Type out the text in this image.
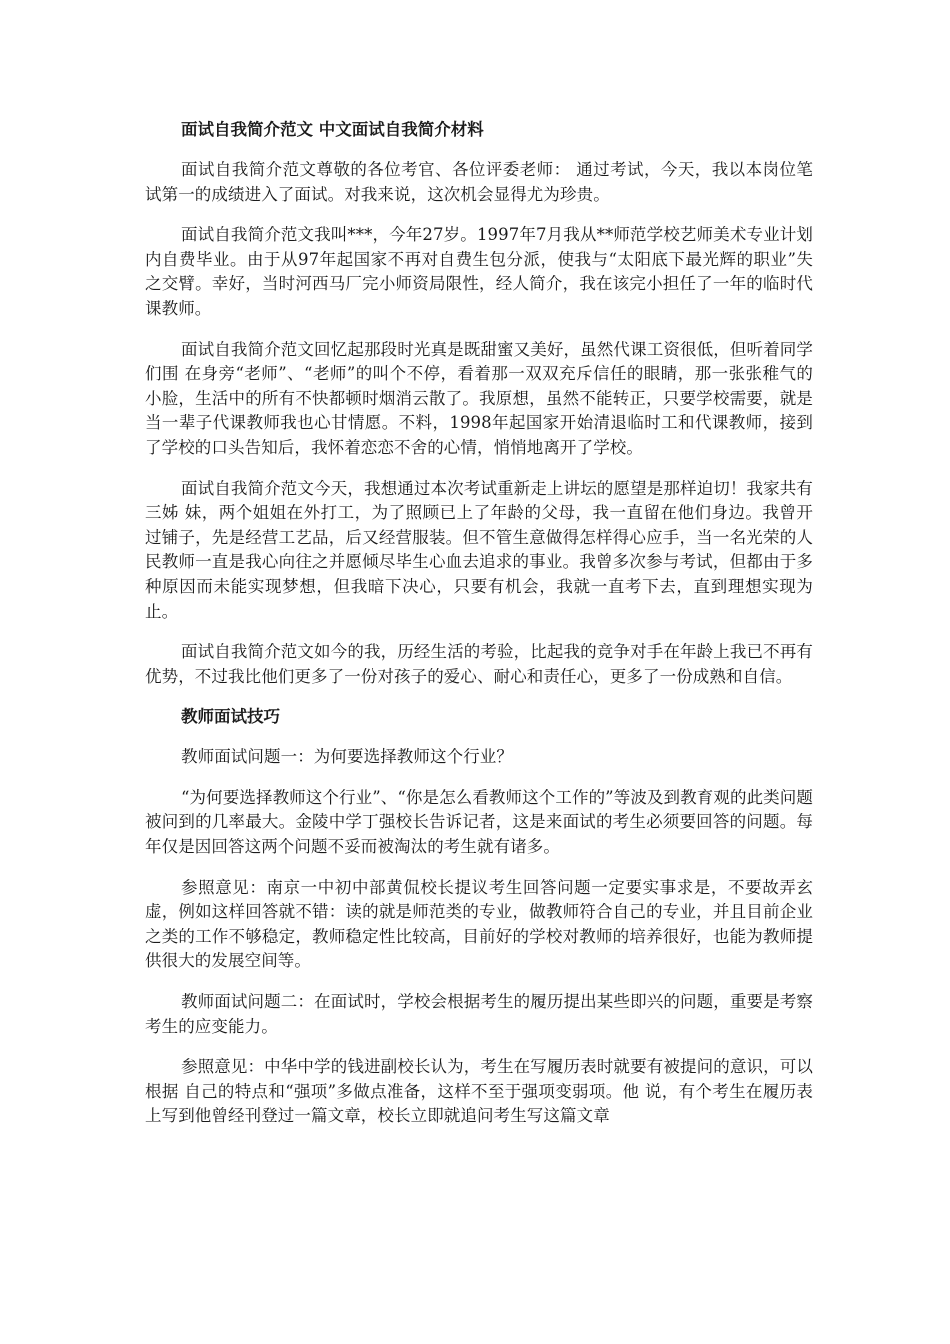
面试自我简介范文 中文面试自我简介材料

面试自我简介范文尊敬的各位考官、各位评委老师： 通过考试，今天，我以本岗位笔试第一的成绩进入了面试。对我来说，这次机会显得尤为珍贵。

面试自我简介范文我叫***，今年27岁。1997年7月我从**师范学校艺师美术专业计划内自费毕业。由于从97年起国家不再对自费生包分派，使我与“太阳底下最光辉的职业”失之交臂。幸好，当时河西马厂完小师资局限性，经人简介，我在该完小担任了一年的临时代课教师。

面试自我简介范文回忆起那段时光真是既甜蜜又美好，虽然代课工资很低，但听着同学们围 在身旁“老师”、“老师”的叫个不停，看着那一双双充斥信任的眼睛，那一张张稚气的小脸，生活中的所有不快都顿时烟消云散了。我原想，虽然不能转正，只要学校需要，就是当一辈子代课教师我也心甘情愿。不料，1998年起国家开始清退临时工和代课教师，接到了学校的口头告知后，我怀着恋恋不舍的心情，悄悄地离开了学校。

面试自我简介范文今天，我想通过本次考试重新走上讲坛的愿望是那样迫切！我家共有三姊 妹，两个姐姐在外打工，为了照顾已上了年龄的父母，我一直留在他们身边。我曾开过铺子，先是经营工艺品，后又经营服装。但不管生意做得怎样得心应手，当一名光荣的人民教师一直是我心向往之并愿倾尽毕生心血去追求的事业。我曾多次参与考试，但都由于多种原因而未能实现梦想，但我暗下决心，只要有机会，我就一直考下去，直到理想实现为止。

面试自我简介范文如今的我，历经生活的考验，比起我的竞争对手在年龄上我已不再有优势，不过我比他们更多了一份对孩子的爱心、耐心和责任心，更多了一份成熟和自信。

教师面试技巧

教师面试问题一：为何要选择教师这个行业？

“为何要选择教师这个行业”、“你是怎么看教师这个工作的”等波及到教育观的此类问题被问到的几率最大。金陵中学丁强校长告诉记者，这是来面试的考生必须要回答的问题。每年仅是因回答这两个问题不妥而被淘汰的考生就有诸多。

参照意见：南京一中初中部黄侃校长提议考生回答问题一定要实事求是，不要故弄玄虚，例如这样回答就不错：读的就是师范类的专业，做教师符合自己的专业，并且目前企业之类的工作不够稳定，教师稳定性比较高，目前好的学校对教师的培养很好，也能为教师提供很大的发展空间等。

教师面试问题二：在面试时，学校会根据考生的履历提出某些即兴的问题，重要是考察考生的应变能力。

参照意见：中华中学的钱进副校长认为，考生在写履历表时就要有被提问的意识，可以根据 自己的特点和“强项”多做点准备，这样不至于强项变弱项。他 说，有个考生在履历表上写到他曾经刊登过一篇文章，校长立即就追问考生写这篇文章
